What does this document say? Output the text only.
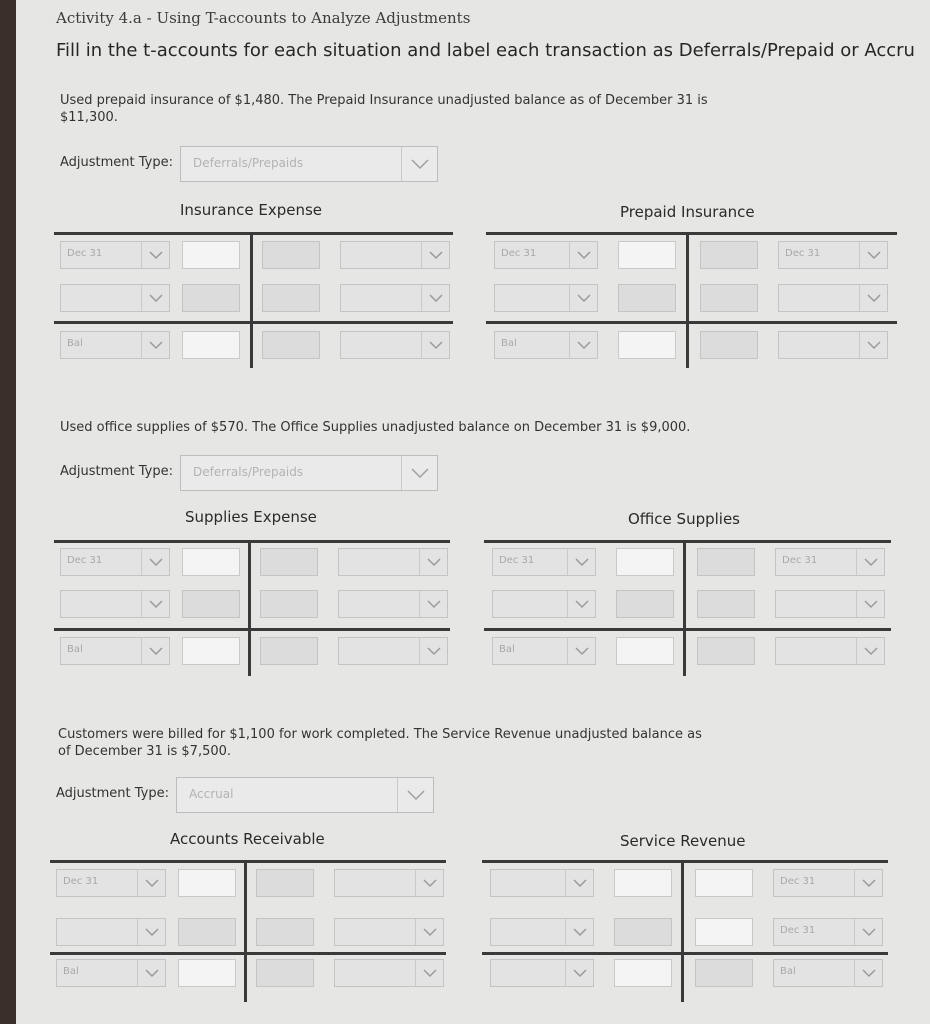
Activity 4.a - Using T-accounts to Analyze Adjustments
Fill in the t-accounts for each situation and label each transaction as Deferrals/Prepaid or Accru
Used prepaid insurance of $1,480. The Prepaid Insurance unadjusted balance as of December 31 is $11,300.
Adjustment Type:	Deferrals/Prepaids
Insurance Expense	Prepaid Insurance
Dec 31
Bal
Dec 31	Dec 31
Bal
Used office supplies of $570. The Office Supplies unadjusted balance on December 31 is $9,000.
Adjustment Type:	Deferrals/Prepaids
Supplies Expense	Office Supplies
Dec 31
Bal
Dec 31	Dec 31
Bal
Customers were billed for $1,100 for work completed. The Service Revenue unadjusted balance as of December 31 is $7,500.
Adjustment Type:	Accrual
Accounts Receivable	Service Revenue
Dec 31
Bal
Dec 31
Dec 31
Bal
